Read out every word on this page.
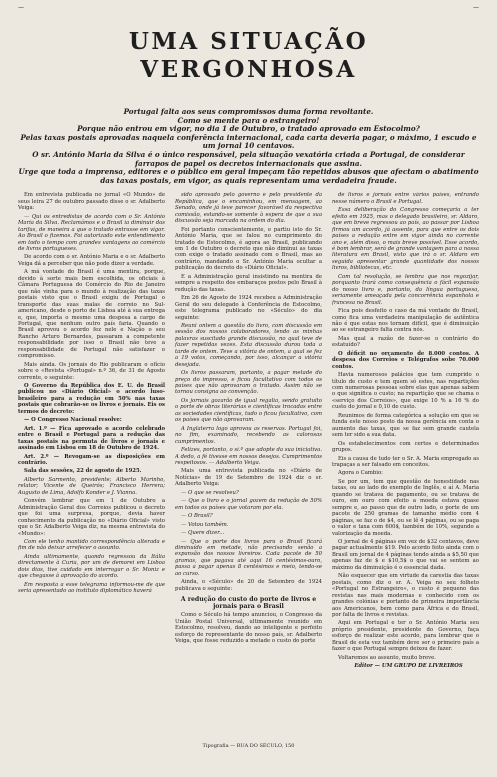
—	—
UMA SITUAÇÃO VERGONHOSA

Portugal falta aos seus compromissos duma forma revoltante.

Como se mente para o estrangeiro!

Porque não entrou em vigor, no dia 1 de Outubro, o tratado aprovado em Estocolmo?

Pelas taxas postais aprovadas naquela conferência internacional, cada carta deveria pagar, o máximo, 1 escudo e um jornal 10 centavos.

O sr. António Maria da Silva é o único responsável, pela situação vexatória criada a Portugal, de considerar farrapos de papel os decretos internacionais que assina.

Urge que toda a imprensa, editores e o público em geral impeçam tão repetidos abusos que afectam o abatimento das taxas postais, em vigor, as quais representam uma verdadeira fraude.

Em entrevista publicada no jornal «O Mundo» de seus leira 27 de outubro passado disse o sr. Adalberto Veiga:

— Qui os entredistas de acordo com o Sr. António Maria da Silva. Reclamámos e o Brasil ia diminuir das tarifas, de maneira a que o tratado entrasse em vigor. Ao Brasil o fizemos. Foi autorizado este entendimento em todo o tempo com grandes vantagens ao comércio de livros portugueses.

De acordo com o sr. António Maria e o sr. Adalberto Veiga dá a perceber que não pode dizer a verdade.

A má vontade do Brasil é uma mentira, porque, devido à sorte mais bem escolhida, os oficiais à Câmara Portuguesa do Comércio do Rio de Janeiro que não vinha para o mundo à realização das taxas postais visto que o Brasil exigiu de Portugal o transporte das suas malas de correio no Sul-americano, desde o porto de Lisboa até à sua entrega e, que, importa o mesmo uma despesa a cargo de Portugal, que nenhum outro país faria. Quando o Brasil aprovou o acordo fez nele e Nação o seu Rancho Arturo Bernardes, passaram a competente responsabilidade por isso o Brasil não teve a responsabilidade de Portugal não satisfazer o compromisso.

Mais ainda. Os jornais do Rio publicaram o ofício sobre o «Revista «Portugal» n.º 36, de 31 de Agosto corrente, o seguinte:

O Governo da República dos E. U. do Brasil publicou no «Diário Oficial» o acordo luso-brasileiro para a redução em 50% nas taxas postais que cobrarão-se os livros e jornais. Eis os termos do decreto:

— O Congresso Nacional resolve:

Art. 1.º — Fica aprovado o acordo celebrado entre o Brasil e Portugal para a redução das taxas postais na permuta de livros e jornais e assinado em Lisboa em 18 de Outubro de 1924.

Art. 2.º — Revogam-se as disposições em contrário.

Sala das sessões, 22 de agosto de 1925.

Alberto Sarmento, presidente; Alberto Marinho, relator; Vicente de Queirós; Francisco Herrera; Augusto de Lima, Adolfo Konder e J. Vianna.

Convém lembrar que em 1 de Outubro a Administração Geral dos Correios publicou o decreto que foi uma surpresa, porque, devia haver conhecimento da publicação no «Diário Oficial» visto que o Sr. Adalberto Veiga diz, na mesma entrevista do «Mundo»:

Com ele tenho mantido correspondência alterada e fim de não deixar arrefecer o assunto.

Ainda ultimamente, quando regressou da Itália directamente à Curia, por um de demorei em Lisboa dois dias, tive cuidado em interrogar o Sr. Moniz e que chegasse à aprovação do acordo.

Em resposta a esse telegrama informou-me de que seria apresentado ao instituto diplomático haverá

sido aprovado pelo governo e pelo presidente da República, que o encaminhou, em mensagem, ao Senado, onde já teve parecer favorável da respectiva comissão, estando-se somente à espera de que a sua discussão seja marcada na ordem do dia.

Foi portanto conscientemente, e partiu isto do Sr. António Maria, que se falou no cumprimento do tratado de Estocolmo, é agora ao Brasil, publicando em 1 de Outubro o decreto que não diminui as taxas com exige o tratado assinado com o Brasil, mas ao contrário, mandando o Sr. António Maria ocultar a publicação do decreto do «Diário Oficial».

E a Administração geral insistindo na mentira de sempre a respeito dos embaraços postos pelo Brasil à redução das taxas.

Em 26 de Agosto de 1924 recebeu a Administração Geral do seu delegado à Conferência de Estocolmo, este telegrama publicado no «Século» do dia seguinte:

Reuni ontem a questão do livro, com discussão em sessão dos nossos colaboradores, tendo as minhas palavras suscitado grande discussão, no qual teve de fazer repetidas vezes. Esta discussão durou toda a tarde de ontem. Teve a vitória de ontem, a qual se fez a 19 votos, começando, por isso, alcançar a vitória desejada.

Os livros passaram, portanto, a pagar metade do preço do impresso, e ficou facultativo com todos os países que não aprovaram o tratado. Assim não se tornou consigna ao convenção.

Os jornais gozarão de igual regalia, sendo gratuito o porte de obras literárias e científicas trocadas entre as sociedades científicas, tudo o ficou facultativo, com os países que não aprovaram.

A Inglaterra logo aprovou as reservas. Portugal foi, no fim, examinado, recebendo as calorosas cumprimentos.

Felizes, portanto, o si.º que adopte da sua iniciativa. A dedo, a fé tivesse em nossos desejos. Cumprimentos respeitosos. — Adalberto Veiga.

Mais uma entrevista publicada no «Diário de Notícias» de 19 de Setembro de 1924 diz o sr. Adalberto Veiga:

— O que se resolveu?

— Que o livro e o jornal gozem da redução de 50% em todos os países que votaram por ela.

— O Brasil?

— Votou também.

— Quere dizer...

— Que o porte dos livros para o Brasil ficará diminuído em metade, não precisando senão a expansão dos nossos livreiros. Cada pacote de 50 gramas, que pagava até aqui 16 centésimos-ouro, passa a pagar apenas 8 centésimos e meio, tendo-se ao curso.

Ainda, o «Século» de 20 de Setembro de 1924 publicava o seguinte:

A redução do custo do porte de livros e jornais para o Brasil

Como o Século há tempo anunciou, o Congresso da União Postal Universal, ultimamente reunido em Estocolmo, resolveu, dando ao inteligente e perfeito esforço de representante do nosso país, sr. Adalberto Veiga, que fosse reduzido a metade o custo do porte

de livros e jornais entre vários países, entrando nesse número o Brasil e Portugal.

Essa deliberação do Congresso começaria a ter efeito em 1925, mas o delegado brasileiro, sr. Aldaro, que em breve regressou ao país, ao passar por Lisboa firmou um acordo, já assente, para que entre os dois países a redução entre em vigor ainda no corrente ano e, além disso, o mais breve possível. Esse acordo, é bom lembrar, será de grande vantagem para a nossa literatura em Brasil, visto que irá o sr. Aldaro em seguida apresentar grande quantidade dos nossos livros, bibliotecas, etc.

Com tal resolução, se lembra que nos regozijar, porquanto trará como consequência o fácil expansão do nosso livro e, portanto, da língua portuguesa, seriamente ameaçada pela concorrência espanhola e francesa no Brasil.

Fica pois desfeito o caso da má vontade do Brasil, como fica uma verdadeira manipulação de autêntica não é que estas nos tornam difícil, que é diminuição ao se estrangeiro falta contra nós.

Mas qual a razão de fazer-se o contrário do estatuído?

O déficit no orçamento de 8.000 contos. A despesa dos Correios e Telégrafos sobe 70.000 contos.

Havia numerosos palácios que tem cumprido o título de custo e tem quem só estes, nas repartições com numerosas pessoas sobre elas que apenas sabem o que significa o custo; na repartição que se chama o «serviço dos Correios», que exige 10 % a 16 % do custo do jornal e 0,10 de custo.

Reunimos de forma categórica a solução em que se funda este nosso posto da nossa gerência em conta o aumento das taxas, que se faz sem grande cautela sem ter sido a sua data.

Os estabelecimentos com certos e determinados grupos.

Eis a causa de tudo ter o Sr. A. Maria empregado as trapaças a ser falsado em conceitos.

Agora o Cambio:

Se por um, tem que questão de honestidade nas taxas, ou ao lado do exemplo de Inglês, e aí A. Maria quando se tratava de pagamento, ou se tratava de ouro, em ouro com efeito a moeda estava quase sempre e, ao passo que de outro lado, o porte de um pacote de 250 gramas de tamanho médio com 4 páginas, se faz o de $4, ou se lê 4 páginas, ou se paga o valor e taxa com 600$, também de 10%, segundo a valorização da moeda.

O jornal de 4 páginas em vez de $32 centavos, deve pagar actualmente $19. Pelo acordo feito ainda com o Brasil um jornal de 4 páginas tendo ainda a $5,50 que apenas faz de $ e $10,5$ o que vai se sentem ao máximo da diminuição é o essencial dada.

Não esquecer que em virtude da carestia das taxas postais, como diz o sr. A. Veiga no seu folheto «Portugal no Estrangeiro», o custo é pequeno das revistas nas mais modernas e conhecido com os grandes colónias e portanto de primeira importância aos Americanos, bem como para África e do Brasil, por falta de livros e revistas.

Aqui em Portugal e ter o Sr. António Maria seu próprio presidente, presidente do Governo, faça esforço de realizar este acordo, para lembrar que o Brasil de esta vez também deve ser o primeiro país a fazer o que Portugal sempre deixou de fazer.

Voltaremos ao assunto, muito breve.

Editor — UM GRUPO DE LIVREIROS

Tipografia — RUA DO SÉCULO, 150
